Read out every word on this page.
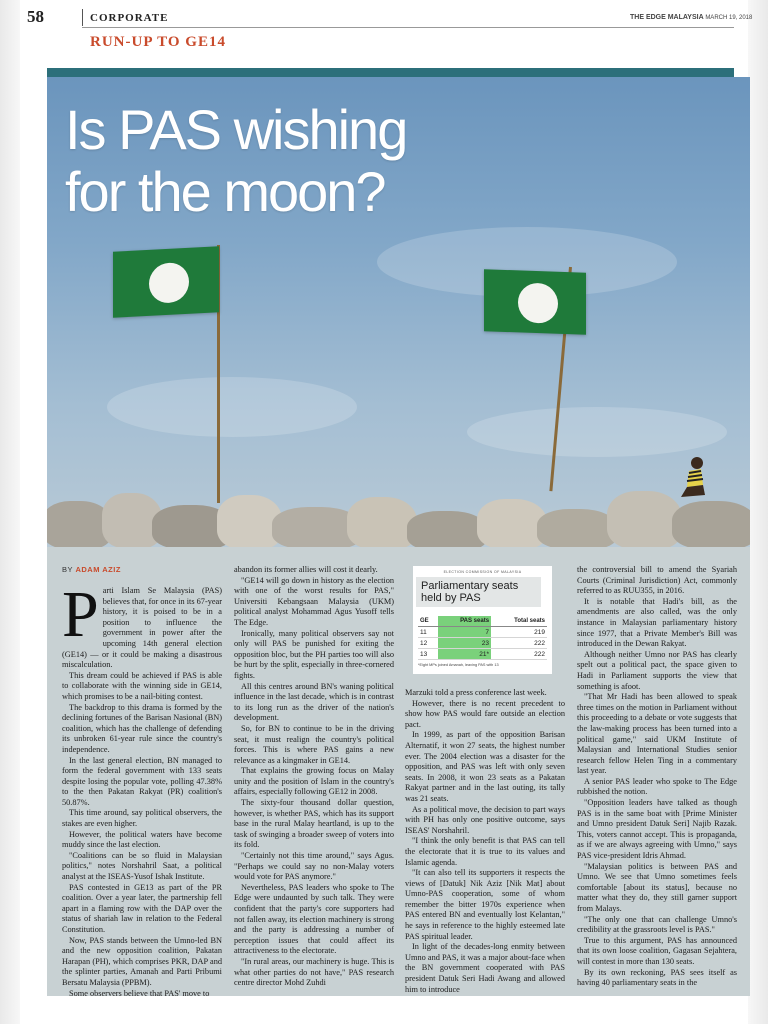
58	CORPORATE	THE EDGE MALAYSIA MARCH 19, 2018
RUN-UP TO GE14
Is PAS wishing
for the moon?

BY ADAM AZIZ

P arti Islam Se Malaysia (PAS) believes that, for once in its 67-year history, it is poised to be in a position to influence the government in power after the upcoming 14th general election (GE14) — or it could be making a disastrous miscalculation.

This dream could be achieved if PAS is able to collaborate with the winning side in GE14, which promises to be a nail-biting contest.

The backdrop to this drama is formed by the declining fortunes of the Barisan Nasional (BN) coalition, which has the challenge of defending its unbroken 61-year rule since the country's independence.

In the last general election, BN managed to form the federal government with 133 seats despite losing the popular vote, polling 47.38% to the then Pakatan Rakyat (PR) coalition's 50.87%.

This time around, say political observers, the stakes are even higher.

However, the political waters have become muddy since the last election.

"Coalitions can be so fluid in Malaysian politics," notes Norshahril Saat, a political analyst at the ISEAS-Yusof Ishak Institute.

PAS contested in GE13 as part of the PR coalition. Over a year later, the partnership fell apart in a flaming row with the DAP over the status of shariah law in relation to the Federal Constitution.

Now, PAS stands between the Umno-led BN and the new opposition coalition, Pakatan Harapan (PH), which comprises PKR, DAP and the splinter parties, Amanah and Parti Pribumi Bersatu Malaysia (PPBM).

Some observers believe that PAS' move to

abandon its former allies will cost it dearly.

"GE14 will go down in history as the election with one of the worst results for PAS," Universiti Kebangsaan Malaysia (UKM) political analyst Mohammad Agus Yusoff tells The Edge.

Ironically, many political observers say not only will PAS be punished for exiting the opposition bloc, but the PH parties too will also be hurt by the split, especially in three-cornered fights.

All this centres around BN's waning political influence in the last decade, which is in contrast to its long run as the driver of the nation's development.

So, for BN to continue to be in the driving seat, it must realign the country's political forces. This is where PAS gains a new relevance as a kingmaker in GE14.

That explains the growing focus on Malay unity and the position of Islam in the country's affairs, especially following GE12 in 2008.

The sixty-four thousand dollar question, however, is whether PAS, which has its support base in the rural Malay heartland, is up to the task of swinging a broader sweep of voters into its fold.

"Certainly not this time around," says Agus. "Perhaps we could say no non-Malay voters would vote for PAS anymore."

Nevertheless, PAS leaders who spoke to The Edge were undaunted by such talk. They were confident that the party's core supporters had not fallen away, its election machinery is strong and the party is addressing a number of perception issues that could affect its attractiveness to the electorate.

"In rural areas, our machinery is huge. This is what other parties do not have," PAS research centre director Mohd Zuhdi

ELECTION COMMISSION OF MALAYSIA
Parliamentary seats held by PAS
GE	PAS seats	Total seats
11	7	219
12	23	222
13	21*	222
*Eight MPs joined Amanah, leaving PAS with 13

Marzuki told a press conference last week.

However, there is no recent precedent to show how PAS would fare outside an election pact.

In 1999, as part of the opposition Barisan Alternatif, it won 27 seats, the highest number ever. The 2004 election was a disaster for the opposition, and PAS was left with only seven seats. In 2008, it won 23 seats as a Pakatan Rakyat partner and in the last outing, its tally was 21 seats.

As a political move, the decision to part ways with PH has only one positive outcome, says ISEAS' Norshahril.

"I think the only benefit is that PAS can tell the electorate that it is true to its values and Islamic agenda.

"It can also tell its supporters it respects the views of [Datuk] Nik Aziz [Nik Mat] about Umno-PAS cooperation, some of whom remember the bitter 1970s experience when PAS entered BN and eventually lost Kelantan," he says in reference to the highly esteemed late PAS spiritual leader.

In light of the decades-long enmity between Umno and PAS, it was a major about-face when the BN government cooperated with PAS president Datuk Seri Hadi Awang and allowed him to introduce

the controversial bill to amend the Syariah Courts (Criminal Jurisdiction) Act, commonly referred to as RUU355, in 2016.

It is notable that Hadi's bill, as the amendments are also called, was the only instance in Malaysian parliamentary history since 1977, that a Private Member's Bill was introduced in the Dewan Rakyat.

Although neither Umno nor PAS has clearly spelt out a political pact, the space given to Hadi in Parliament supports the view that something is afoot.

"That Mr Hadi has been allowed to speak three times on the motion in Parliament without this proceeding to a debate or vote suggests that the law-making process has been turned into a political game," said UKM Institute of Malaysian and International Studies senior research fellow Helen Ting in a commentary last year.

A senior PAS leader who spoke to The Edge rubbished the notion.

"Opposition leaders have talked as though PAS is in the same boat with [Prime Minister and Umno president Datuk Seri] Najib Razak. This, voters cannot accept. This is propaganda, as if we are always agreeing with Umno," says PAS vice-president Idris Ahmad.

"Malaysian politics is between PAS and Umno. We see that Umno sometimes feels comfortable [about its status], because no matter what they do, they still garner support from Malays.

"The only one that can challenge Umno's credibility at the grassroots level is PAS."

True to this argument, PAS has announced that its own loose coalition, Gagasan Sejahtera, will contest in more than 130 seats.

By its own reckoning, PAS sees itself as having 40 parliamentary seats in the
